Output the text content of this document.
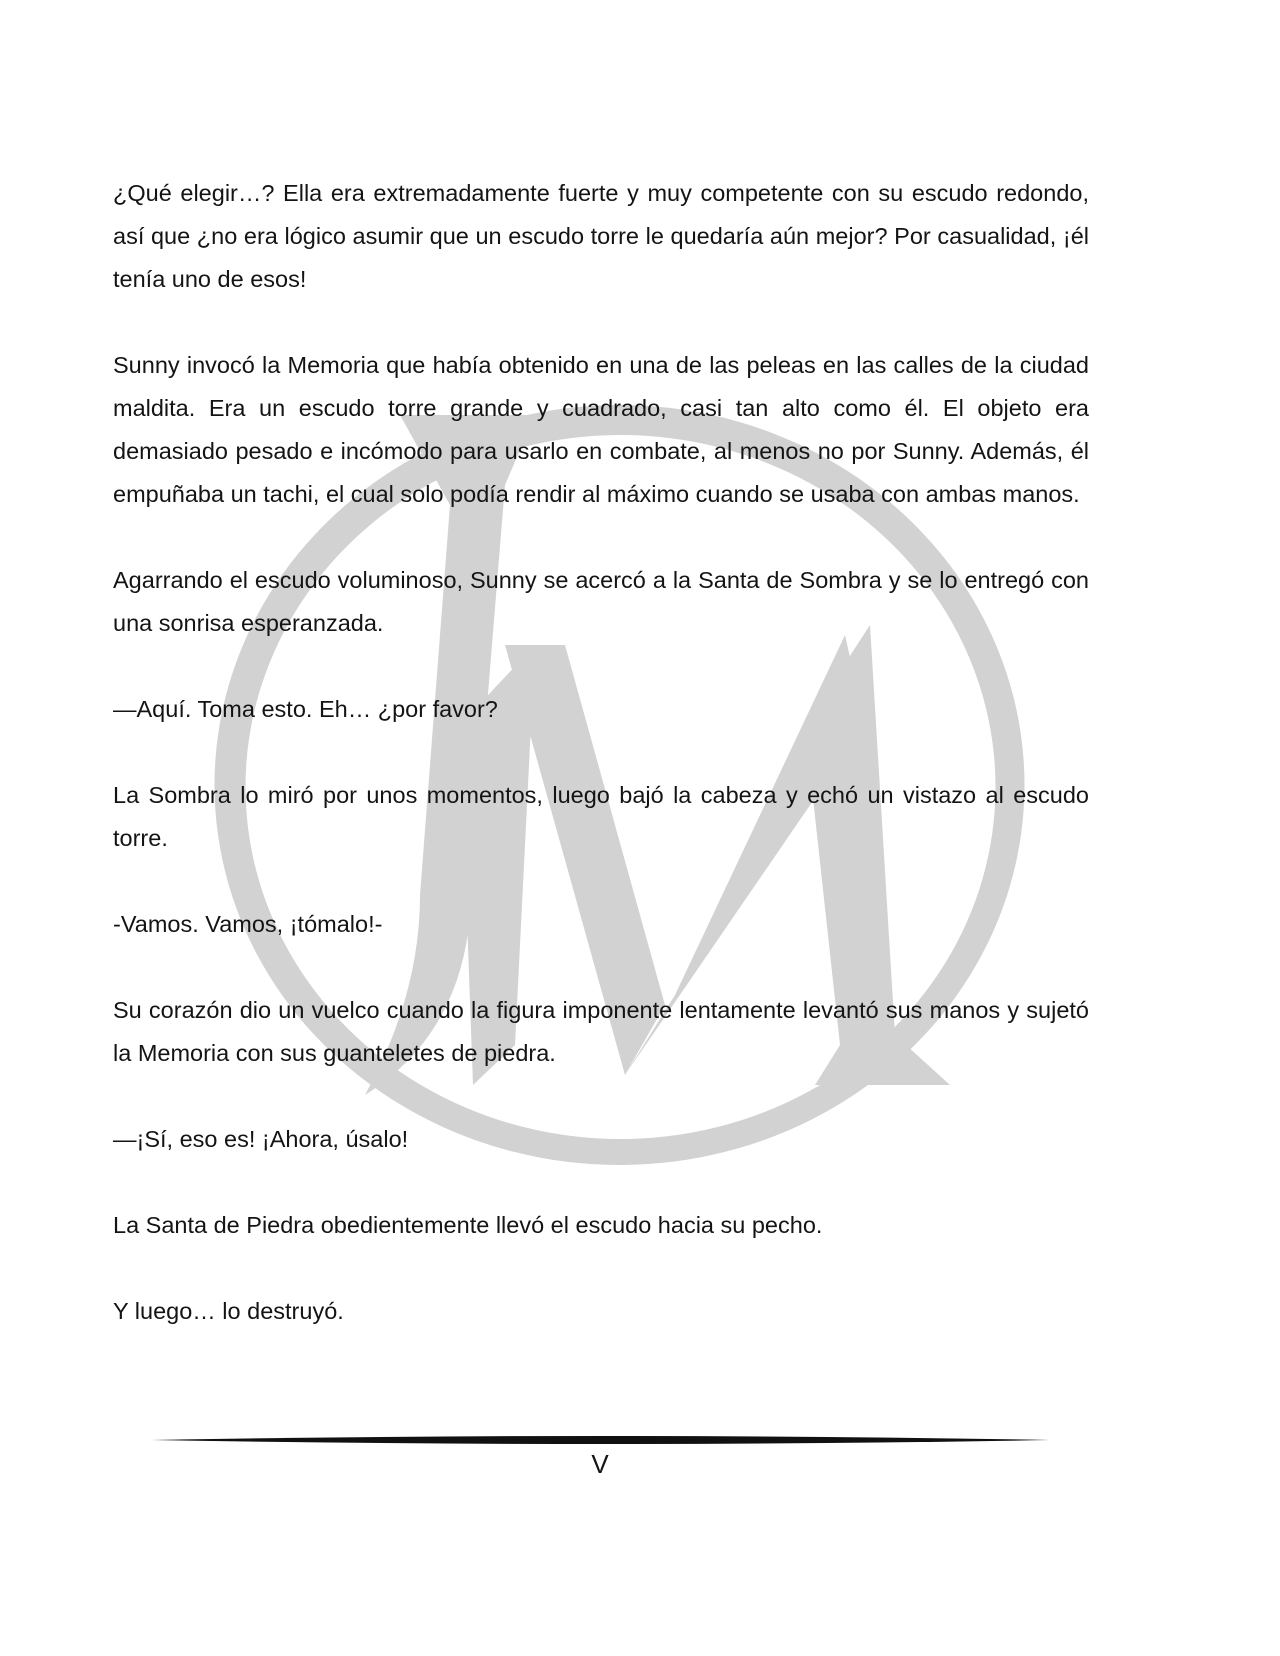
¿Qué elegir…? Ella era extremadamente fuerte y muy competente con su escudo redondo, así que ¿no era lógico asumir que un escudo torre le quedaría aún mejor? Por casualidad, ¡él tenía uno de esos!

Sunny invocó la Memoria que había obtenido en una de las peleas en las calles de la ciudad maldita. Era un escudo torre grande y cuadrado, casi tan alto como él. El objeto era demasiado pesado e incómodo para usarlo en combate, al menos no por Sunny. Además, él empuñaba un tachi, el cual solo podía rendir al máximo cuando se usaba con ambas manos.

Agarrando el escudo voluminoso, Sunny se acercó a la Santa de Sombra y se lo entregó con una sonrisa esperanzada.

—Aquí. Toma esto. Eh… ¿por favor?

La Sombra lo miró por unos momentos, luego bajó la cabeza y echó un vistazo al escudo torre.

-Vamos. Vamos, ¡tómalo!-

Su corazón dio un vuelco cuando la figura imponente lentamente levantó sus manos y sujetó la Memoria con sus guanteletes de piedra.

—¡Sí, eso es! ¡Ahora, úsalo!

La Santa de Piedra obedientemente llevó el escudo hacia su pecho.

Y luego… lo destruyó.

V
